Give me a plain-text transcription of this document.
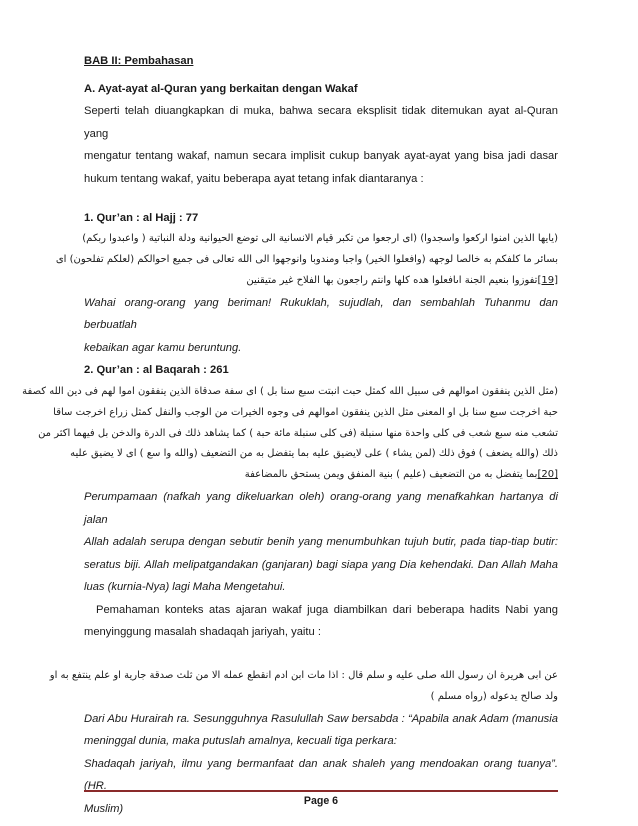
BAB II: Pembahasan

A. Ayat-ayat al-Quran yang berkaitan dengan Wakaf

Seperti telah diuangkapkan di muka, bahwa secara eksplisit tidak ditemukan ayat al-Quran yang

mengatur tentang wakaf, namun secara implisit cukup banyak ayat-ayat yang bisa jadi dasar

hukum tentang wakaf, yaitu beberapa ayat tetang infak diantaranya :

1. Qur’an : al Hajj : 77

(يايها الذين امنوا اركعوا واسجدوا) (اى ارجعوا من تكبر قيام الانسانية الى توضع الحيوانية ودلة النباتية ( واعبدوا ربكم)

بسائر ما كلفكم به خالصا لوجهه (وافعلوا الخير) واجبا ومندوبا وانوجهوا الى الله تعالى فى جميع احوالكم (لعلكم تفلحون) اى

[19]تفوزوا بنعيم الجنة اىافعلوا هده كلها وانتم راجعون بها الفلاح غير متيقنين

Wahai orang-orang yang beriman! Rukuklah, sujudlah, dan sembahlah Tuhanmu dan berbuatlah

kebaikan agar kamu beruntung.

2. Qur’an : al Baqarah : 261

(مثل الذين ينفقون اموالهم فى سبيل الله كمثل حبت انبتت سبع سنا بل ) اى سفة صدقاة الذين ينفقون اموا لهم فى دين الله كصفة

حبة اخرجت سبع سنا بل او المعنى مثل الذين ينفقون اموالهم فى وجوه الخيرات من الوجب والنفل كمثل زراع اخرجت ساقا

تشعب منه سبع شعب فى كلى واحدة منها سنبلة (فى كلى سنبلة مائة حبة ) كما يشاهد ذلك فى الدرة والدخن بل فيهما اكثر من

ذلك (والله يضعف ) فوق ذلك (لمن يشاء ) على لايضيق عليه بما يتفضل به من التضعيف (والله وا سع ) اى لا يضيق عليه

[20]بما يتفضل به من التضعيف (عليم ) بنية المنفق ويمن يستحق ىالمضاعفة

Perumpamaan (nafkah yang dikeluarkan oleh) orang-orang yang menafkahkan hartanya di jalan

Allah adalah serupa dengan sebutir benih yang menumbuhkan tujuh butir, pada tiap-tiap butir:

seratus biji. Allah melipatgandakan (ganjaran) bagi siapa yang Dia kehendaki. Dan Allah Maha

luas (kurnia-Nya) lagi Maha Mengetahui.

Pemahaman konteks atas ajaran wakaf juga diambilkan dari beberapa hadits Nabi yang

menyinggung masalah shadaqah jariyah, yaitu :

عن ابى هريرة ان رسول الله صلى عليه و سلم قال : اذا مات ابن ادم انقطع عمله الا من ثلث صدقة جارية او علم ينتفع به او

ولد صالح يدعوله (رواه مسلم )

Dari Abu Hurairah ra. Sesungguhnya Rasulullah Saw bersabda : “Apabila anak Adam (manusia

meninggal dunia, maka putuslah amalnya, kecuali tiga perkara:

Shadaqah jariyah, ilmu yang bermanfaat dan anak shaleh yang mendoakan orang tuanya”. (HR.

Muslim)

Page 6
